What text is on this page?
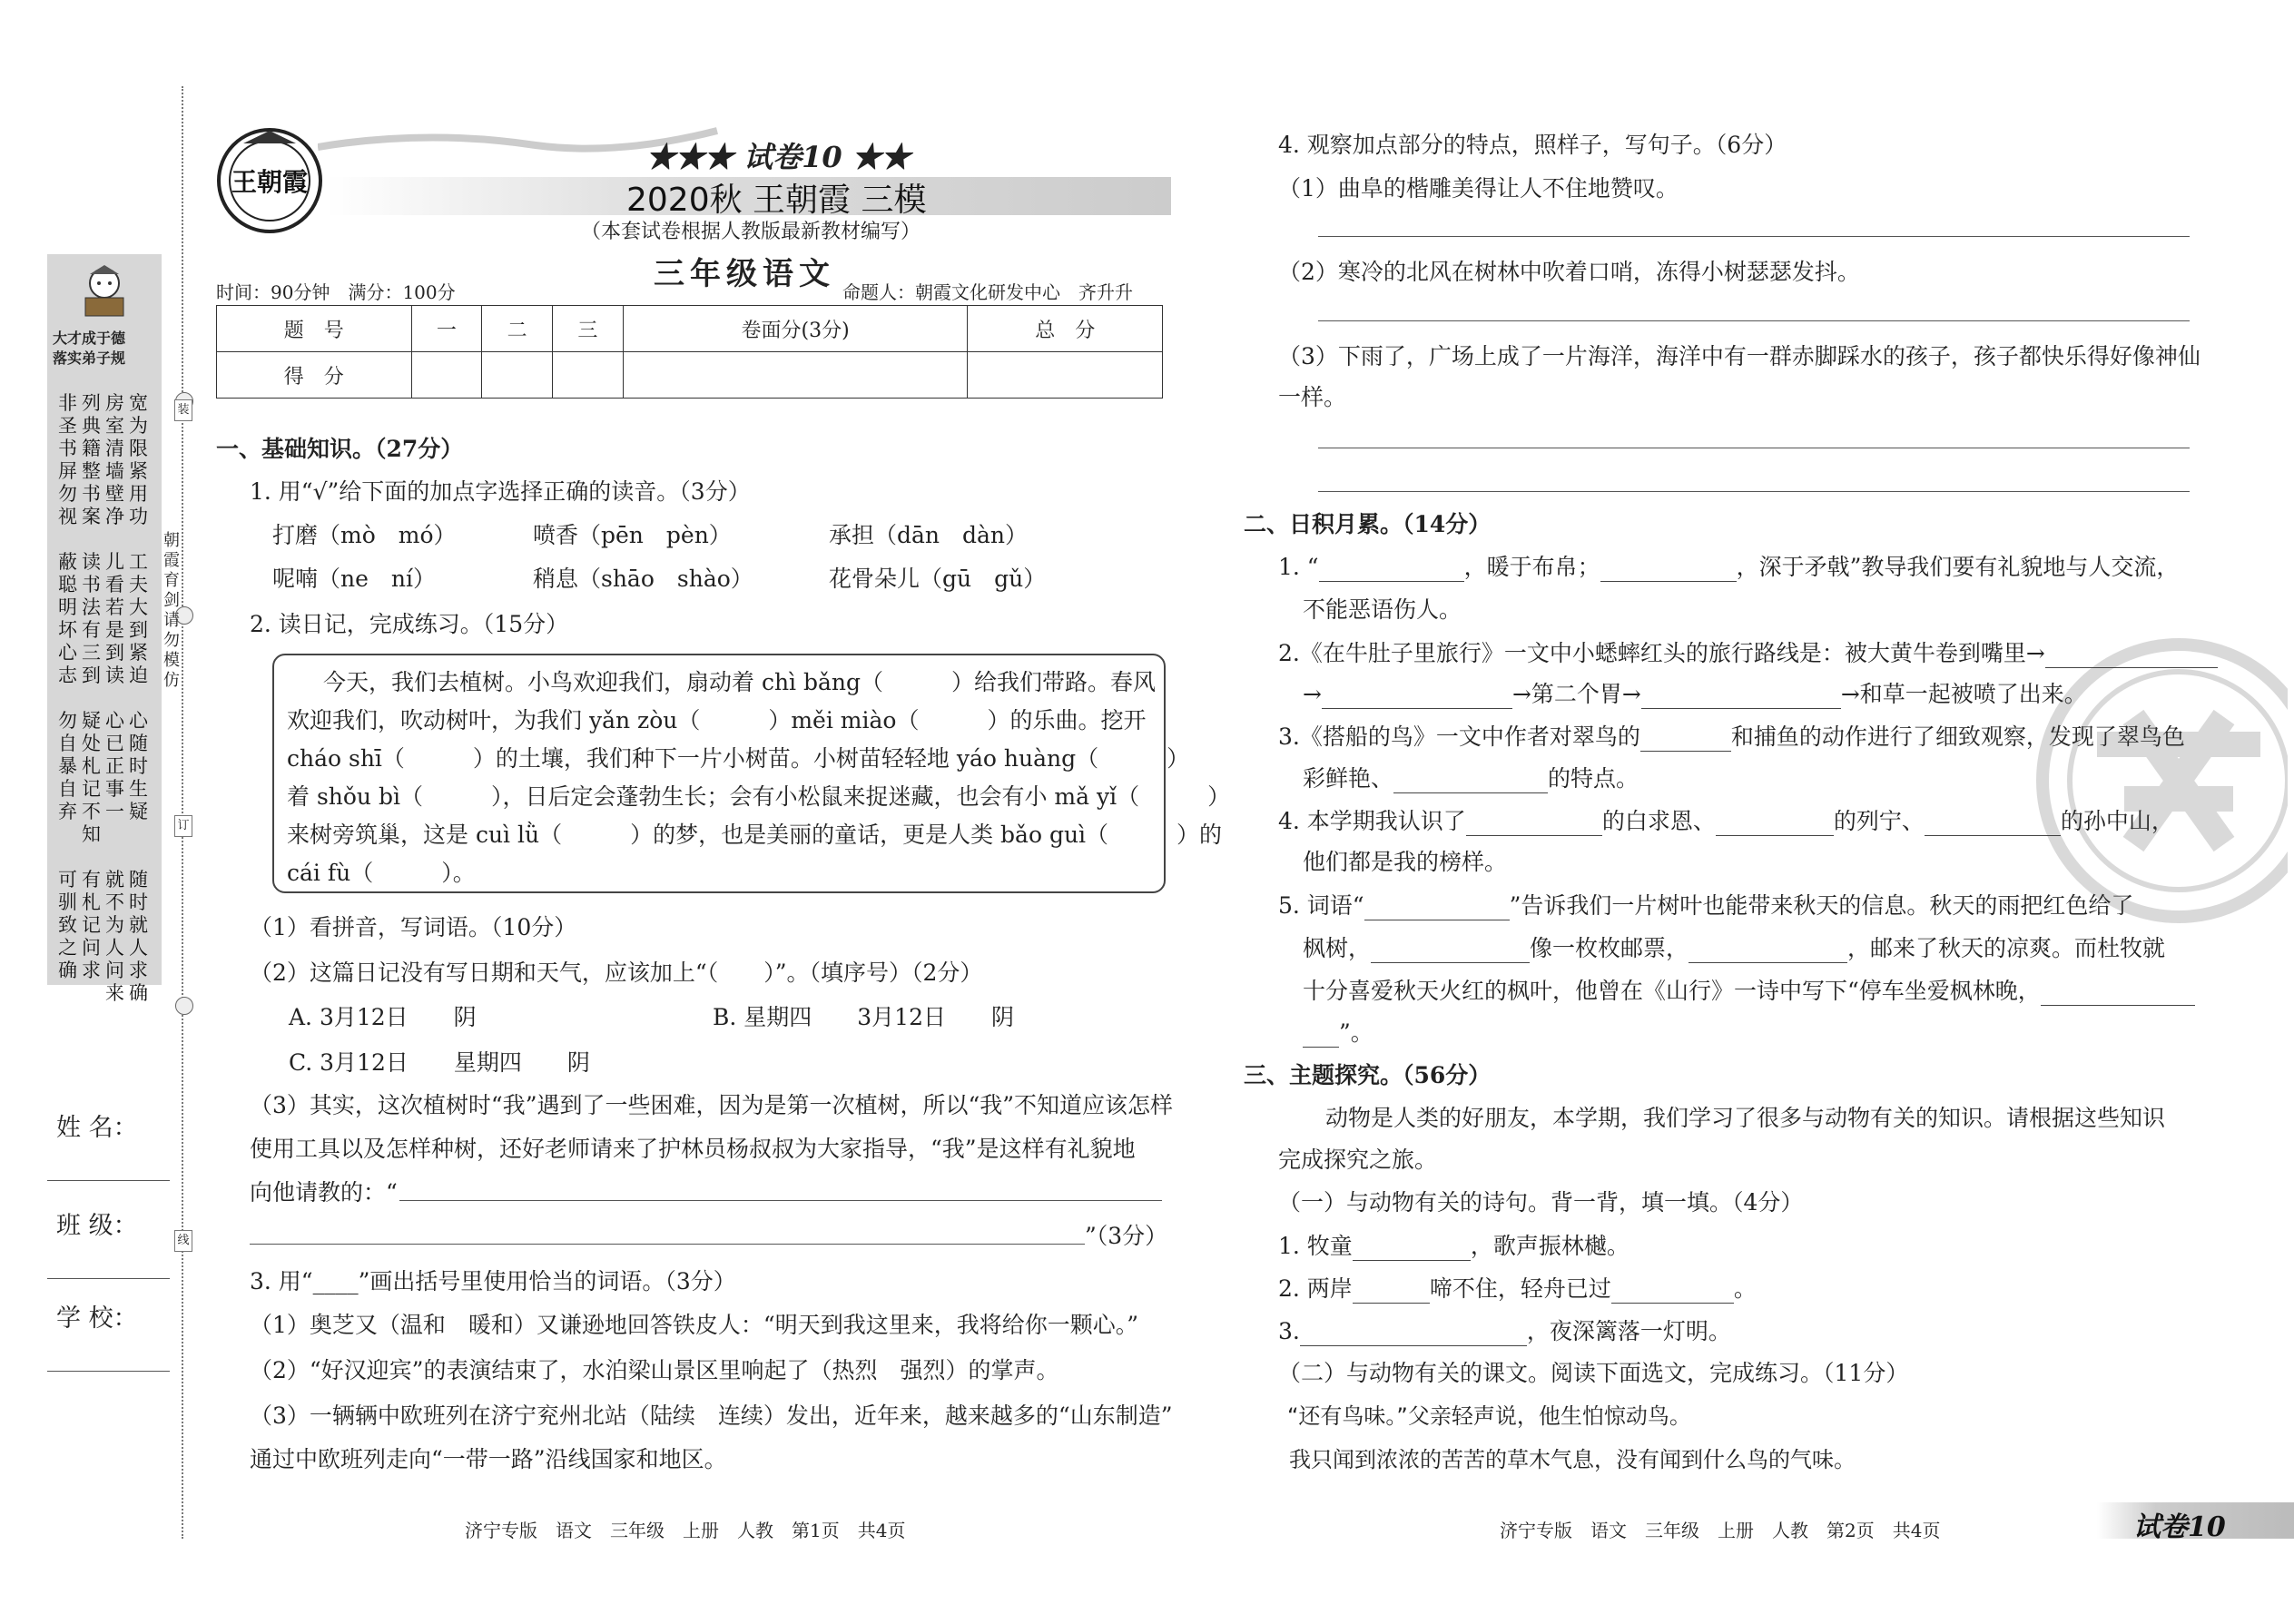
大才成于德
落实弟子规
宽为限紧用功
房室清墙壁净
列典籍整书案
非圣书屏勿视
工夫大到紧迫
儿看若是到读
读书法有三到
蔽聪明坏心志
心随时生疑
心已正事一
疑处札记不知
勿自暴自弃
随时就人求确
就不为人问来
有札记问求
可驯致之确
装
订
线
朝霞育剑 请勿模仿
姓 名：
班 级：
学 校：
王朝霞
★★★ 试卷10 ★★
2020秋 王朝霞 三模
（本套试卷根据人教版最新教材编写）
三年级语文
时间：90分钟　满分：100分	命题人：朝霞文化研发中心　齐升升
题　号	一	二	三	卷面分(3分)	总　分
得　分					
一、基础知识。（27分）
1. 用“√”给下面的加点字选择正确的读音。（3分）
打磨（mò　mó）	喷香（pēn　pèn）	承担（dān　dàn）
呢喃（ne　ní）	稍息（shāo　shào）	花骨朵儿（gū　gǔ）
2. 读日记，完成练习。（15分）

今天，我们去植树。小鸟欢迎我们，扇动着 chì bǎng（　　　）给我们带路。春风

欢迎我们，吹动树叶，为我们 yǎn zòu（　　　）měi miào（　　　）的乐曲。挖开

cháo shī（　　　）的土壤，我们种下一片小树苗。小树苗轻轻地 yáo huàng（　　　）

着 shǒu bì（　　　），日后定会蓬勃生长；会有小松鼠来捉迷藏，也会有小 mǎ yǐ（　　　）

来树旁筑巢，这是 cuì lǜ（　　　）的梦，也是美丽的童话，更是人类 bǎo guì（　　　）的

cái fù（　　　）。

（1）看拼音，写词语。（10分）
（2）这篇日记没有写日期和天气，应该加上“（　　）”。（填序号）（2分）
A. 3月12日　　阴	B. 星期四　　3月12日　　阴
C. 3月12日　　星期四　　阴
（3）其实，这次植树时“我”遇到了一些困难，因为是第一次植树，所以“我”不知道应该怎样
使用工具以及怎样种树，还好老师请来了护林员杨叔叔为大家指导，“我”是这样有礼貌地
向他请教的：“
”（3分）
3. 用“____”画出括号里使用恰当的词语。（3分）
（1）奥芝又（温和　暖和）又谦逊地回答铁皮人：“明天到我这里来，我将给你一颗心。”
（2）“好汉迎宾”的表演结束了，水泊梁山景区里响起了（热烈　强烈）的掌声。
（3）一辆辆中欧班列在济宁兖州北站（陆续　连续）发出，近年来，越来越多的“山东制造”
通过中欧班列走向“一带一路”沿线国家和地区。
济宁专版　语文　三年级　上册　人教　第1页　共4页
4. 观察加点部分的特点，照样子，写句子。（6分）
（1）曲阜的楷雕美得让人不住地赞叹。
（2）寒冷的北风在树林中吹着口哨，冻得小树瑟瑟发抖。
（3）下雨了，广场上成了一片海洋，海洋中有一群赤脚踩水的孩子，孩子都快乐得好像神仙
一样。
二、日积月累。（14分）
1. “	，暖于布帛；	，深于矛戟”教导我们要有礼貌地与人交流，
不能恶语伤人。
2.《在牛肚子里旅行》一文中小蟋蟀红头的旅行路线是：被大黄牛卷到嘴里→
→	→第二个胃→	→和草一起被喷了出来。
3.《搭船的鸟》一文中作者对翠鸟的	和捕鱼的动作进行了细致观察，发现了翠鸟色
彩鲜艳、	的特点。
4. 本学期我认识了	的白求恩、	的列宁、	的孙中山，
他们都是我的榜样。
5. 词语“	”告诉我们一片树叶也能带来秋天的信息。秋天的雨把红色给了
枫树，	像一枚枚邮票，	，邮来了秋天的凉爽。而杜牧就
十分喜爱秋天火红的枫叶，他曾在《山行》一诗中写下“停车坐爱枫林晚，
”。
三、主题探究。（56分）
动物是人类的好朋友，本学期，我们学习了很多与动物有关的知识。请根据这些知识
完成探究之旅。
（一）与动物有关的诗句。背一背，填一填。（4分）
1. 牧童	，歌声振林樾。
2. 两岸	啼不住，轻舟已过	。
3.	，夜深篱落一灯明。
（二）与动物有关的课文。阅读下面选文，完成练习。（11分）
“还有鸟味。”父亲轻声说，他生怕惊动鸟。
我只闻到浓浓的苦苦的草木气息，没有闻到什么鸟的气味。
济宁专版　语文　三年级　上册　人教　第2页　共4页	试卷10
